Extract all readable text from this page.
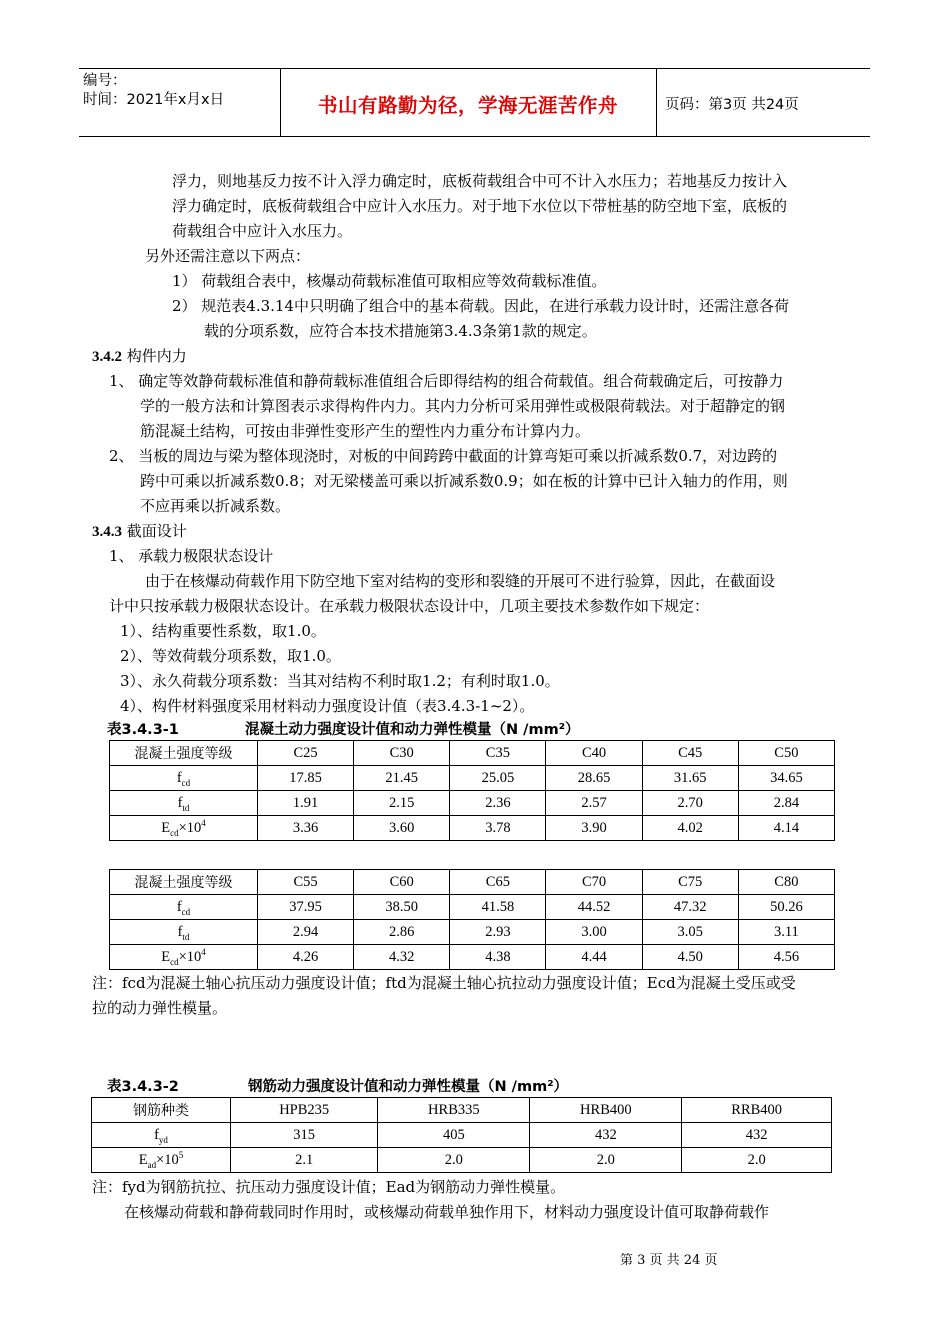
编号：
时间：2021年x月x日	书山有路勤为径，学海无涯苦作舟	页码：第3页 共24页
浮力，则地基反力按不计入浮力确定时，底板荷载组合中可不计入水压力；若地基反力按计入
浮力确定时，底板荷载组合中应计入水压力。对于地下水位以下带桩基的防空地下室，底板的
荷载组合中应计入水压力。
另外还需注意以下两点：
1） 荷载组合表中，核爆动荷载标准值可取相应等效荷载标准值。
2） 规范表4.3.14中只明确了组合中的基本荷载。因此，在进行承载力设计时，还需注意各荷
载的分项系数，应符合本技术措施第3.4.3条第1款的规定。
3.4.2 构件内力
1、 确定等效静荷载标准值和静荷载标准值组合后即得结构的组合荷载值。组合荷载确定后，可按静力
学的一般方法和计算图表示求得构件内力。其内力分析可采用弹性或极限荷载法。对于超静定的钢
筋混凝土结构，可按由非弹性变形产生的塑性内力重分布计算内力。
2、 当板的周边与梁为整体现浇时，对板的中间跨跨中截面的计算弯矩可乘以折减系数0.7，对边跨的
跨中可乘以折减系数0.8；对无梁楼盖可乘以折减系数0.9；如在板的计算中已计入轴力的作用，则
不应再乘以折减系数。
3.4.3 截面设计
1、 承载力极限状态设计
由于在核爆动荷载作用下防空地下室对结构的变形和裂缝的开展可不进行验算，因此，在截面设
计中只按承载力极限状态设计。在承载力极限状态设计中，几项主要技术参数作如下规定：
1）、结构重要性系数，取1.0。
2）、等效荷载分项系数，取1.0。
3）、永久荷载分项系数：当其对结构不利时取1.2；有利时取1.0。
4）、构件材料强度采用材料动力强度设计值（表3.4.3-1~2）。
表3.4.3-1	混凝土动力强度设计值和动力弹性模量（N /mm²）
混凝土强度等级	C25	C30	C35	C40	C45	C50
$f_{cd}$	17.85	21.45	25.05	28.65	31.65	34.65
$f_{td}$	1.91	2.15	2.36	2.57	2.70	2.84
$E_{cd}\times 10^4$	3.36	3.60	3.78	3.90	4.02	4.14
混凝土强度等级	C55	C60	C65	C70	C75	C80
$f_{cd}$	37.95	38.50	41.58	44.52	47.32	50.26
$f_{td}$	2.94	2.86	2.93	3.00	3.05	3.11
$E_{cd}\times 10^4$	4.26	4.32	4.38	4.44	4.50	4.56
注：fcd为混凝土轴心抗压动力强度设计值；ftd为混凝土轴心抗拉动力强度设计值；Ecd为混凝土受压或受
拉的动力弹性模量。
表3.4.3-2	钢筋动力强度设计值和动力弹性模量（N /mm²）
钢筋种类	HPB235	HRB335	HRB400	RRB400
$f_{yd}$	315	405	432	432
$E_{ad}\times 10^5$	2.1	2.0	2.0	2.0
注：fyd为钢筋抗拉、抗压动力强度设计值；Ead为钢筋动力弹性模量。
在核爆动荷载和静荷载同时作用时，或核爆动荷载单独作用下，材料动力强度设计值可取静荷载作
第 3 页 共 24 页
